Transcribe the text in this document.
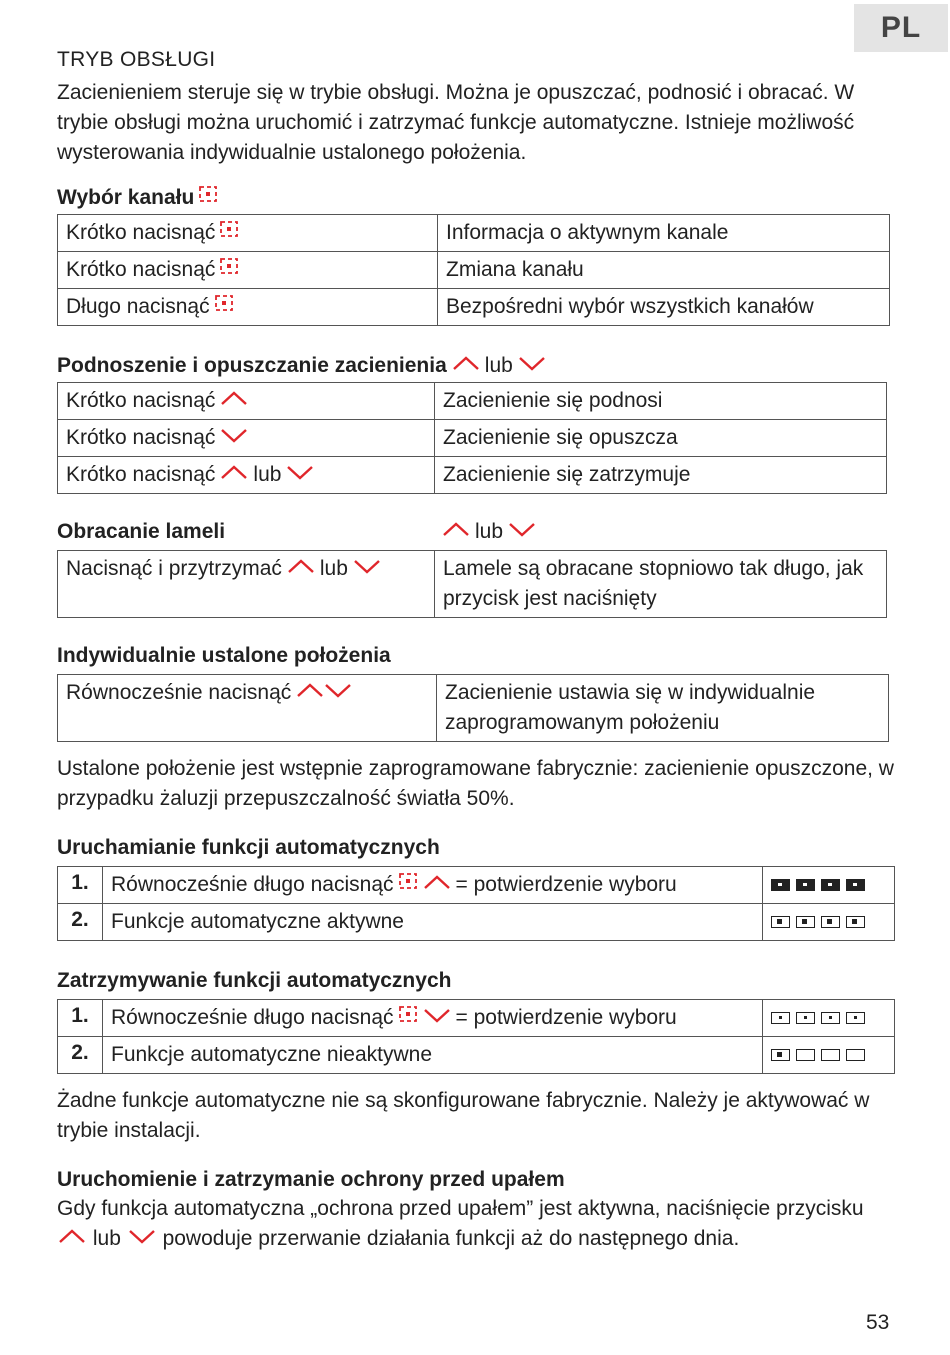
PL
TRYB OBSŁUGI

Zacienieniem steruje się w trybie obsługi. Można je opuszczać, podnosić i obracać. W trybie obsługi można uruchomić i zatrzymać funkcje automatyczne. Istnieje możliwość wysterowania indywidualnie ustalonego położenia.

Wybór kanału
Krótko nacisnąć	Informacja o aktywnym kanale

Krótko nacisnąć	Zmiana kanału

Długo nacisnąć	Bezpośredni wybór wszystkich kanałów
Podnoszenie i opuszczanie zacienienia lub
Krótko nacisnąć	Zacienienie się podnosi

Krótko nacisnąć	Zacienienie się opuszcza

Krótko nacisnąć lub	Zacienienie się zatrzymuje
Obracanie lameli	lub
Nacisnąć i przytrzymać lub	Lamele są obracane stopniowo tak długo, jak przycisk jest naciśnięty
Indywidualnie ustalone położenia
Równocześnie nacisnąć	Zacienienie ustawia się w indywidualnie zaprogramowanym położeniu

Ustalone położenie jest wstępnie zaprogramowane fabrycznie: zacienienie opuszczone, w przypadku żaluzji przepuszczalność światła 50%.

Uruchamianie funkcji automatycznych
1.	Równocześnie długo nacisnąć = potwierdzenie wyboru	

2.	Funkcje automatyczne aktywne	
Zatrzymywanie funkcji automatycznych
1.	Równocześnie długo nacisnąć = potwierdzenie wyboru	

2.	Funkcje automatyczne nieaktywne	

Żadne funkcje automatyczne nie są skonfigurowane fabrycznie. Należy je aktywować w trybie instalacji.

Uruchomienie i zatrzymanie ochrony przed upałem

Gdy funkcja automatyczna „ochrona przed upałem” jest aktywna, naciśnięcie przycisku  lub powoduje przerwanie działania funkcji aż do następnego dnia.

53
